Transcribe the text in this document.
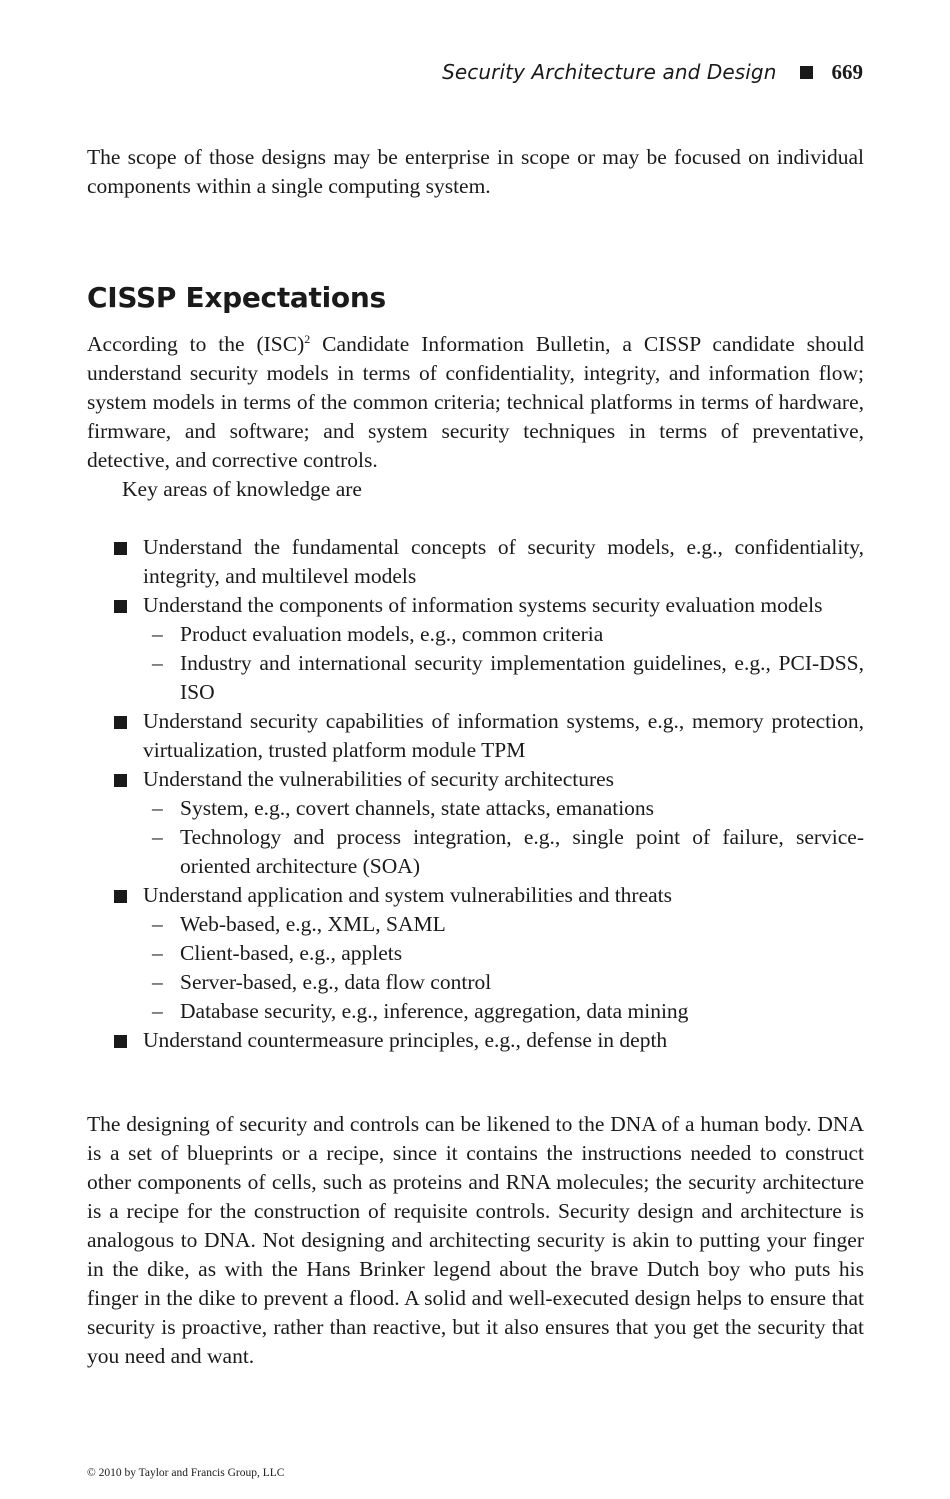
Security Architecture and Design	669
The scope of those designs may be enterprise in scope or may be focused on individual components within a single computing system.
CISSP Expectations
According to the (ISC)$^2$ Candidate Information Bulletin, a CISSP candidate should understand security models in terms of confidentiality, integrity, and information flow; system models in terms of the common criteria; technical platforms in terms of hardware, firmware, and software; and system security techniques in terms of preventative, detective, and corrective controls.
Key areas of knowledge are
Understand the fundamental concepts of security models, e.g., confidentiality, integrity, and multilevel models
Understand the components of information systems security evaluation models
– Product evaluation models, e.g., common criteria
– Industry and international security implementation guidelines, e.g., PCI-DSS, ISO
Understand security capabilities of information systems, e.g., memory protection, virtualization, trusted platform module TPM
Understand the vulnerabilities of security architectures
– System, e.g., covert channels, state attacks, emanations
– Technology and process integration, e.g., single point of failure, service-oriented architecture (SOA)
Understand application and system vulnerabilities and threats
– Web-based, e.g., XML, SAML
– Client-based, e.g., applets
– Server-based, e.g., data flow control
– Database security, e.g., inference, aggregation, data mining
Understand countermeasure principles, e.g., defense in depth
The designing of security and controls can be likened to the DNA of a human body. DNA is a set of blueprints or a recipe, since it contains the instructions needed to construct other components of cells, such as proteins and RNA molecules; the security architecture is a recipe for the construction of requisite controls. Security design and architecture is analogous to DNA. Not designing and architecting security is akin to putting your finger in the dike, as with the Hans Brinker legend about the brave Dutch boy who puts his finger in the dike to prevent a flood. A solid and well-executed design helps to ensure that security is proactive, rather than reactive, but it also ensures that you get the security that you need and want.
© 2010 by Taylor and Francis Group, LLC
